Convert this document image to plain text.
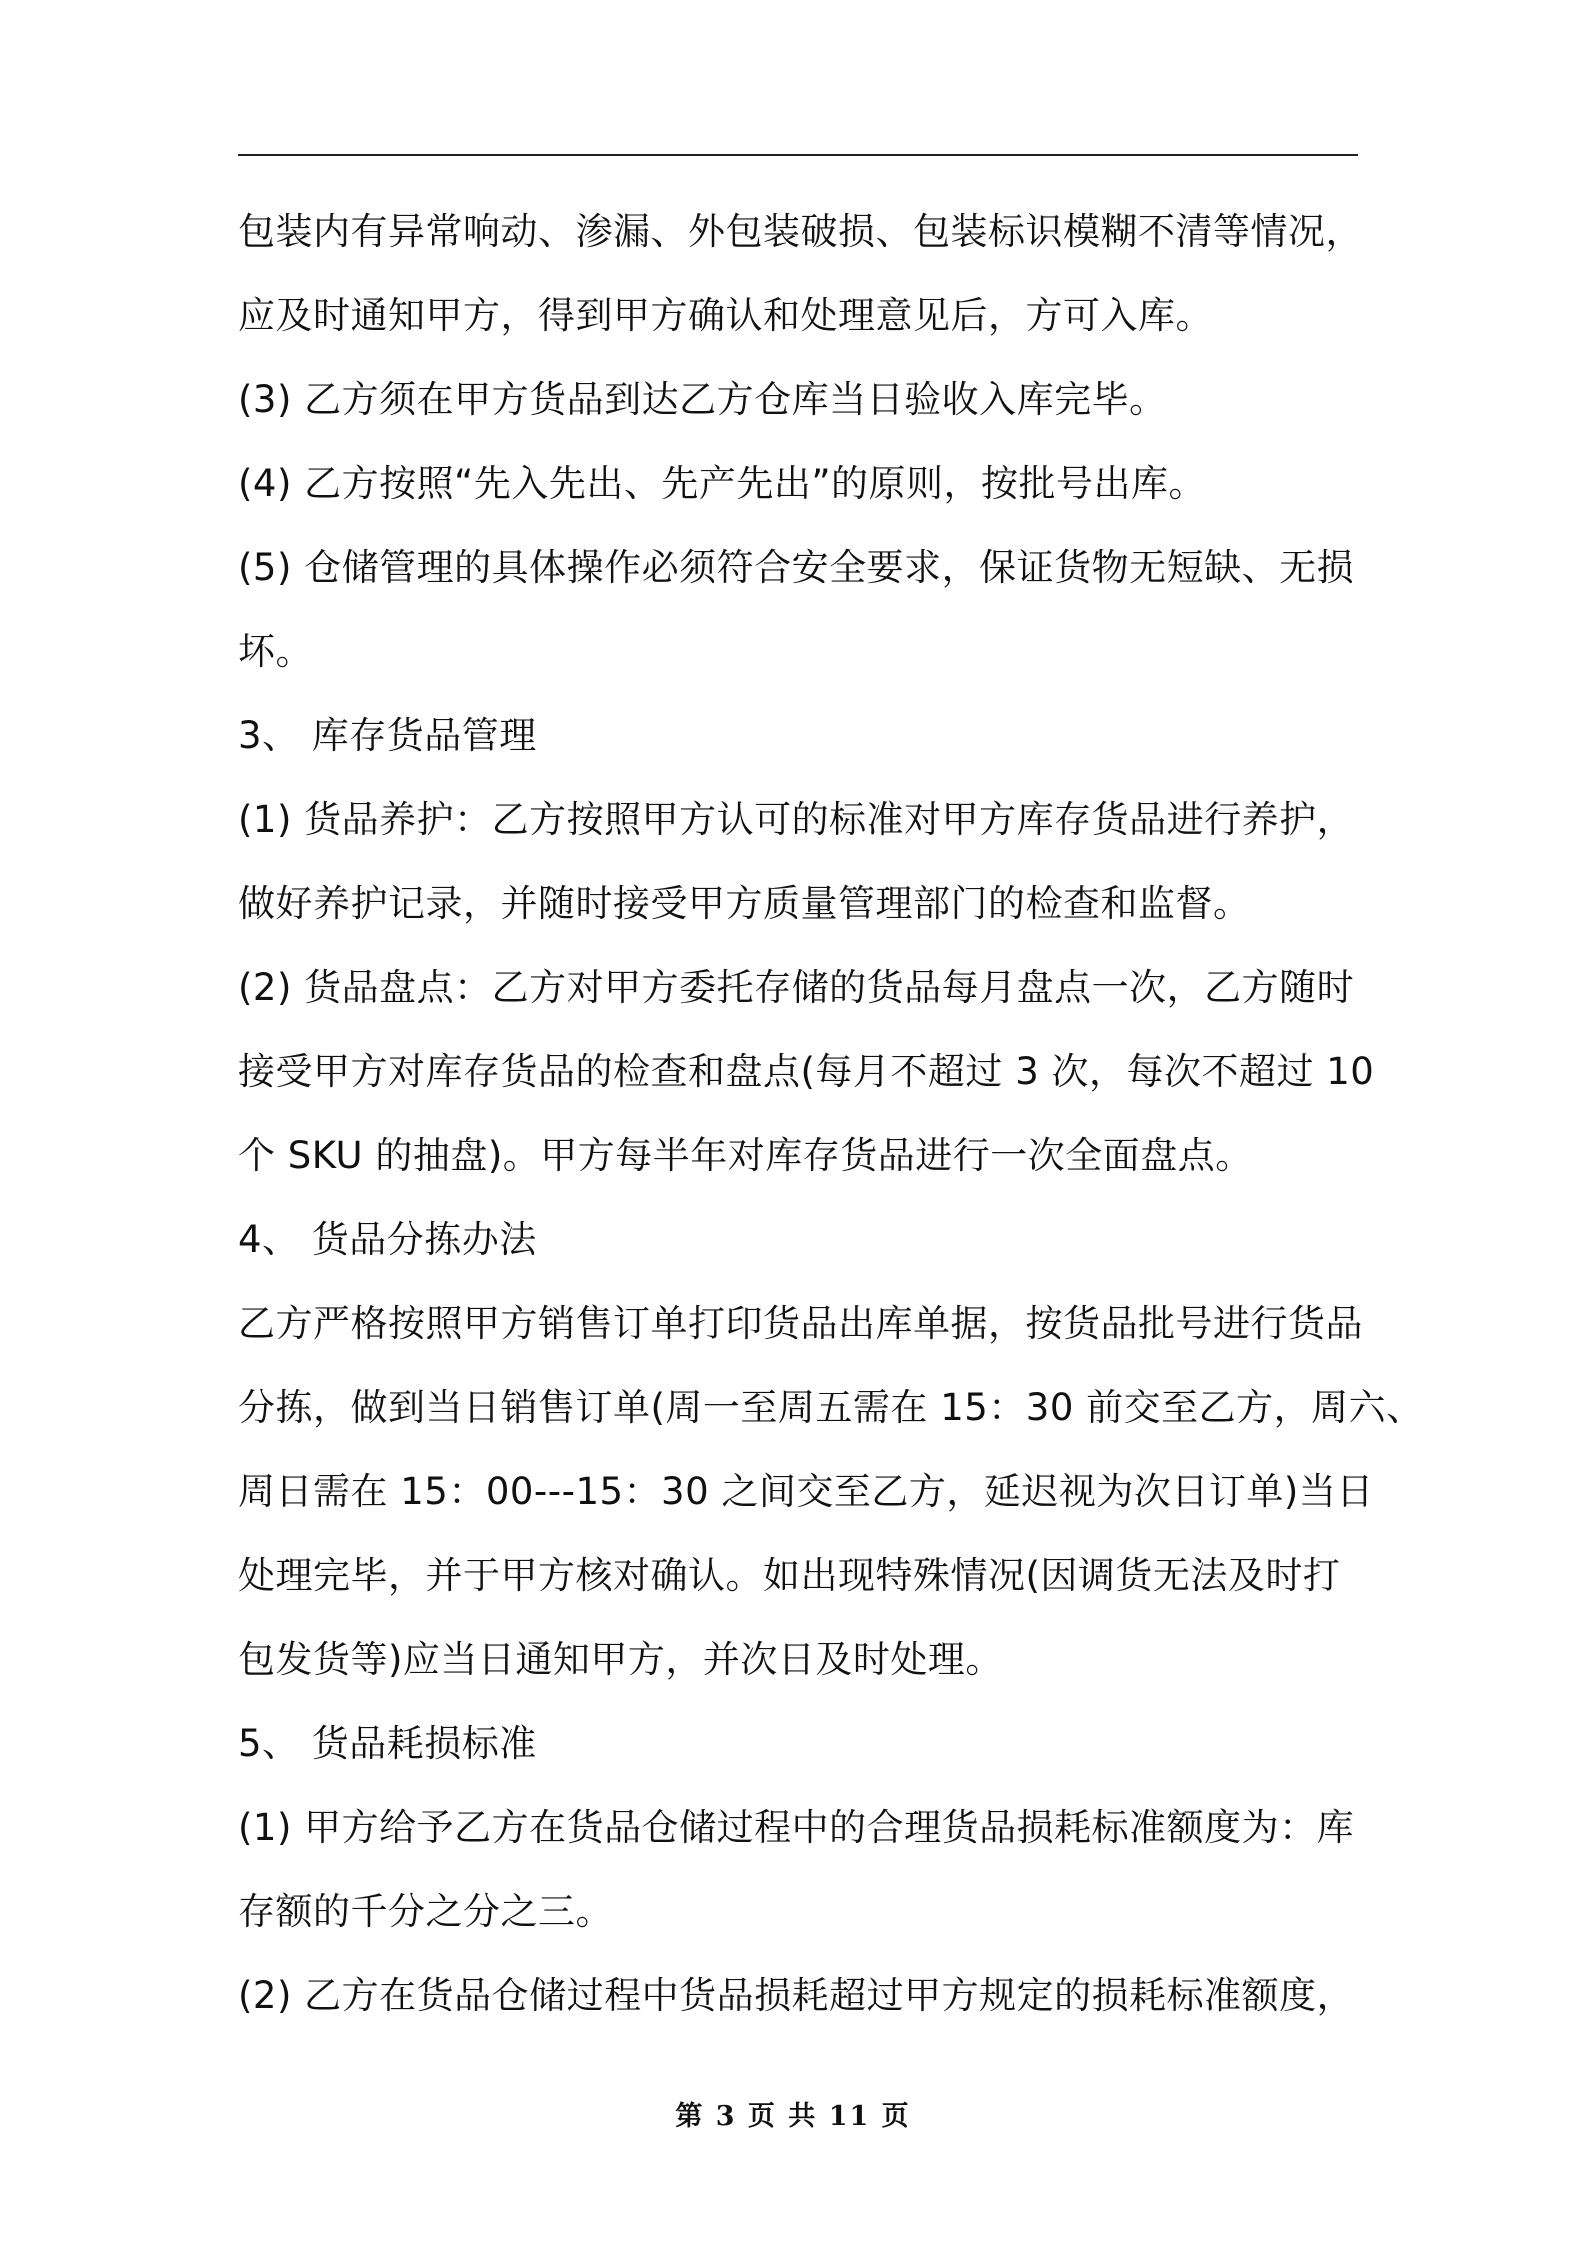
包装内有异常响动、渗漏、外包装破损、包装标识模糊不清等情况，
应及时通知甲方，得到甲方确认和处理意见后，方可入库。
(3) 乙方须在甲方货品到达乙方仓库当日验收入库完毕。
(4) 乙方按照“先入先出、先产先出”的原则，按批号出库。
(5) 仓储管理的具体操作必须符合安全要求，保证货物无短缺、无损
坏。
3、 库存货品管理
(1) 货品养护：乙方按照甲方认可的标准对甲方库存货品进行养护，
做好养护记录，并随时接受甲方质量管理部门的检查和监督。
(2) 货品盘点：乙方对甲方委托存储的货品每月盘点一次，乙方随时
接受甲方对库存货品的检查和盘点(每月不超过 3 次，每次不超过 10
个 SKU 的抽盘)。甲方每半年对库存货品进行一次全面盘点。
4、 货品分拣办法
乙方严格按照甲方销售订单打印货品出库单据，按货品批号进行货品
分拣，做到当日销售订单(周一至周五需在 15：30 前交至乙方，周六、
周日需在 15：00---15：30 之间交至乙方，延迟视为次日订单)当日
处理完毕，并于甲方核对确认。如出现特殊情况(因调货无法及时打
包发货等)应当日通知甲方，并次日及时处理。
5、 货品耗损标准
(1) 甲方给予乙方在货品仓储过程中的合理货品损耗标准额度为：库
存额的千分之分之三。
(2) 乙方在货品仓储过程中货品损耗超过甲方规定的损耗标准额度，
第 3 页 共 11 页
